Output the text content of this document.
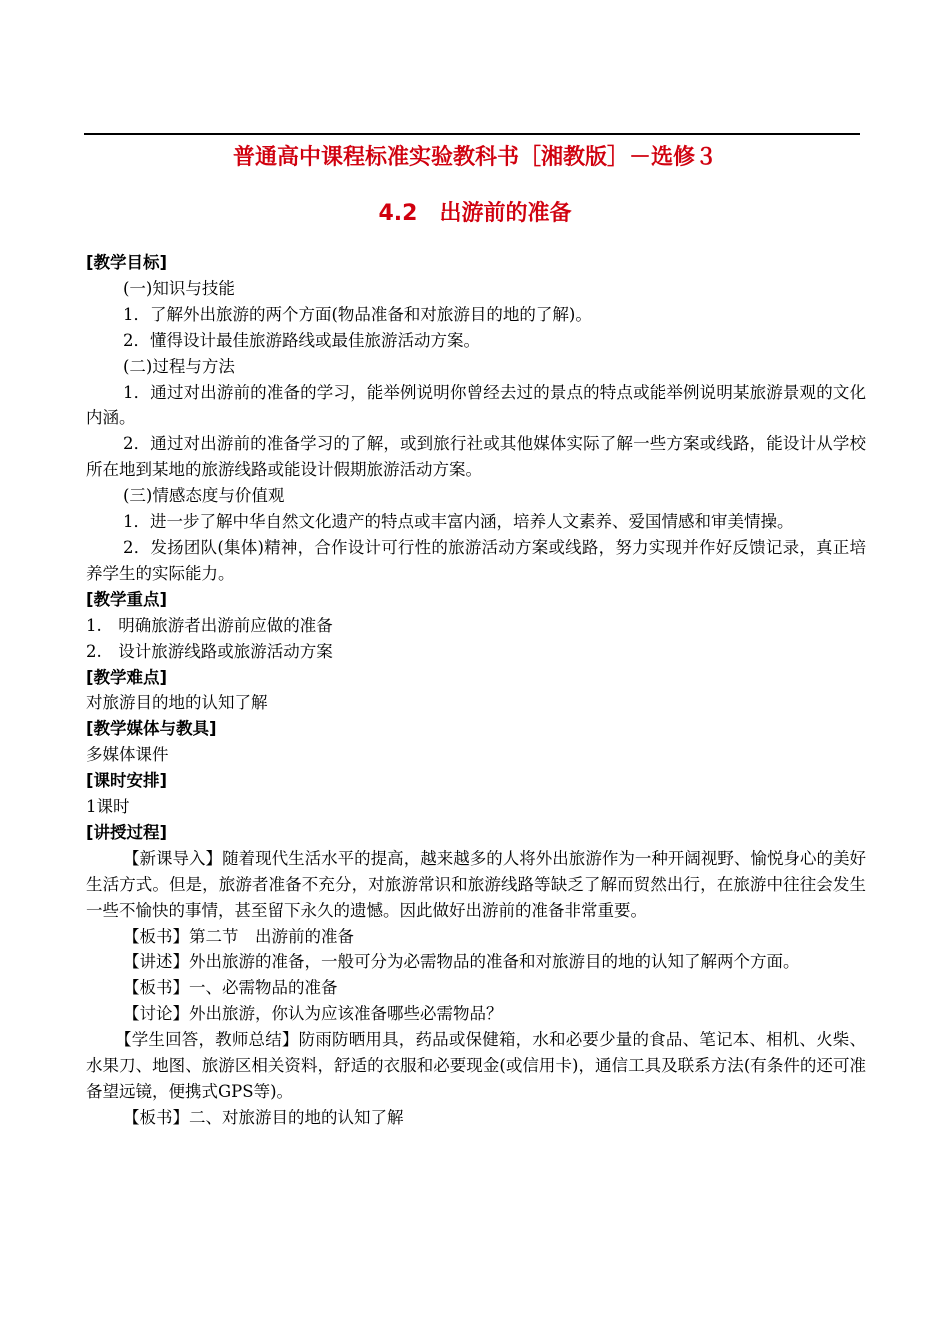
普通高中课程标准实验教科书［湘教版］－选修３
4.2　出游前的准备

[教学目标]

(一)知识与技能

1．了解外出旅游的两个方面(物品准备和对旅游目的地的了解)。

2．懂得设计最佳旅游路线或最佳旅游活动方案。

(二)过程与方法

1．通过对出游前的准备的学习，能举例说明你曾经去过的景点的特点或能举例说明某旅游景观的文化内涵。

2．通过对出游前的准备学习的了解，或到旅行社或其他媒体实际了解一些方案或线路，能设计从学校所在地到某地的旅游线路或能设计假期旅游活动方案。

(三)情感态度与价值观

1．进一步了解中华自然文化遗产的特点或丰富内涵，培养人文素养、爱国情感和审美情操。

2．发扬团队(集体)精神，合作设计可行性的旅游活动方案或线路，努力实现并作好反馈记录，真正培养学生的实际能力。

[教学重点]

1.　明确旅游者出游前应做的准备

2.　设计旅游线路或旅游活动方案

[教学难点]

对旅游目的地的认知了解

[教学媒体与教具]

多媒体课件

[课时安排]

1课时

[讲授过程]

【新课导入】随着现代生活水平的提高，越来越多的人将外出旅游作为一种开阔视野、愉悦身心的美好生活方式。但是，旅游者准备不充分，对旅游常识和旅游线路等缺乏了解而贸然出行，在旅游中往往会发生一些不愉快的事情，甚至留下永久的遗憾。因此做好出游前的准备非常重要。

【板书】第二节　出游前的准备

【讲述】外出旅游的准备，一般可分为必需物品的准备和对旅游目的地的认知了解两个方面。

【板书】一、必需物品的准备

【讨论】外出旅游，你认为应该准备哪些必需物品？

【学生回答，教师总结】防雨防晒用具，药品或保健箱，水和必要少量的食品、笔记本、相机、火柴、水果刀、地图、旅游区相关资料，舒适的衣服和必要现金(或信用卡)，通信工具及联系方法(有条件的还可准备望远镜，便携式GPS等)。

【板书】二、对旅游目的地的认知了解
